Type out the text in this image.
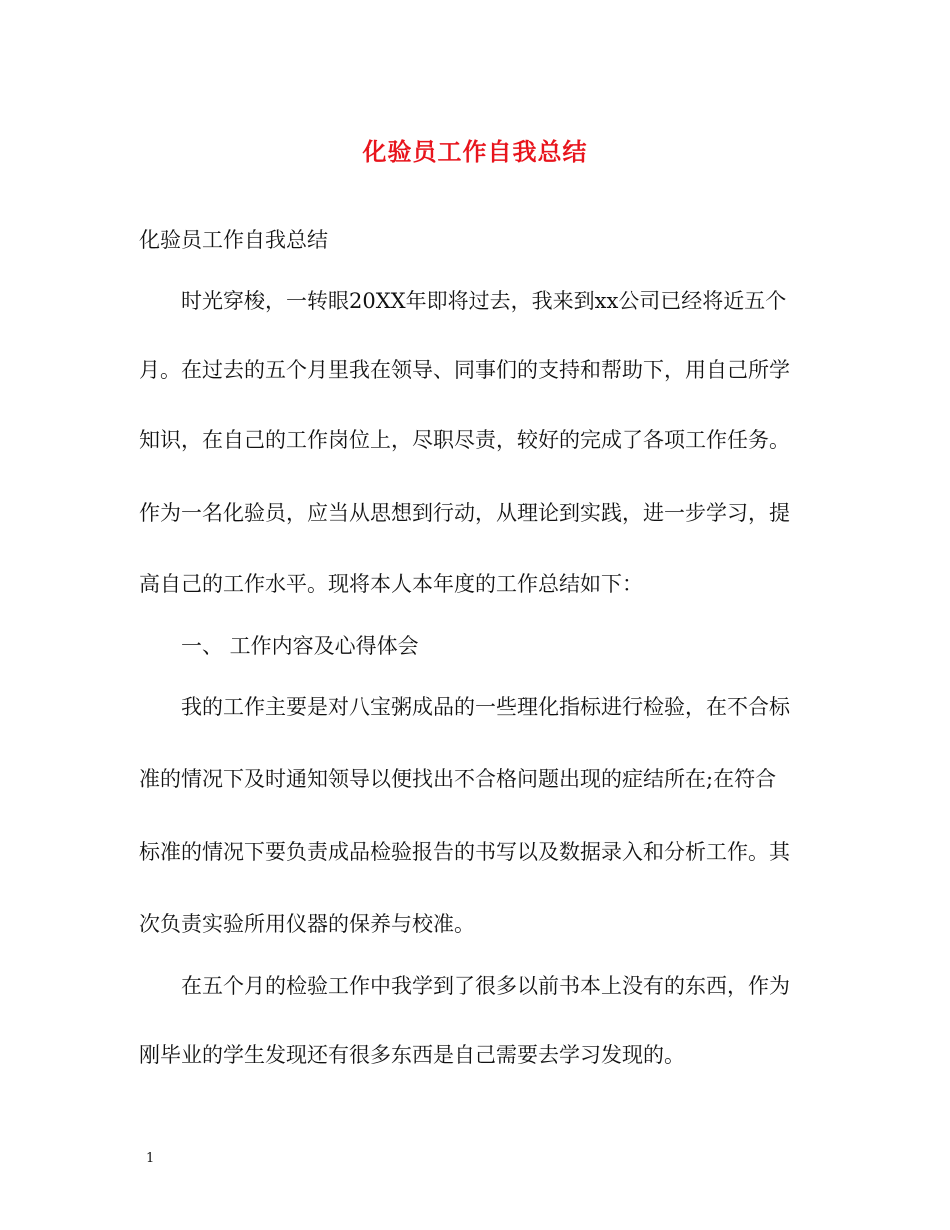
化验员工作自我总结
化验员工作自我总结
时光穿梭，一转眼20XX年即将过去，我来到xx公司已经将近五个
月。在过去的五个月里我在领导、同事们的支持和帮助下，用自己所学
知识，在自己的工作岗位上，尽职尽责，较好的完成了各项工作任务。
作为一名化验员，应当从思想到行动，从理论到实践，进一步学习，提
高自己的工作水平。现将本人本年度的工作总结如下：
一、 工作内容及心得体会
我的工作主要是对八宝粥成品的一些理化指标进行检验，在不合标
准的情况下及时通知领导以便找出不合格问题出现的症结所在;在符合
标准的情况下要负责成品检验报告的书写以及数据录入和分析工作。其
次负责实验所用仪器的保养与校准。
在五个月的检验工作中我学到了很多以前书本上没有的东西，作为
刚毕业的学生发现还有很多东西是自己需要去学习发现的。
1
